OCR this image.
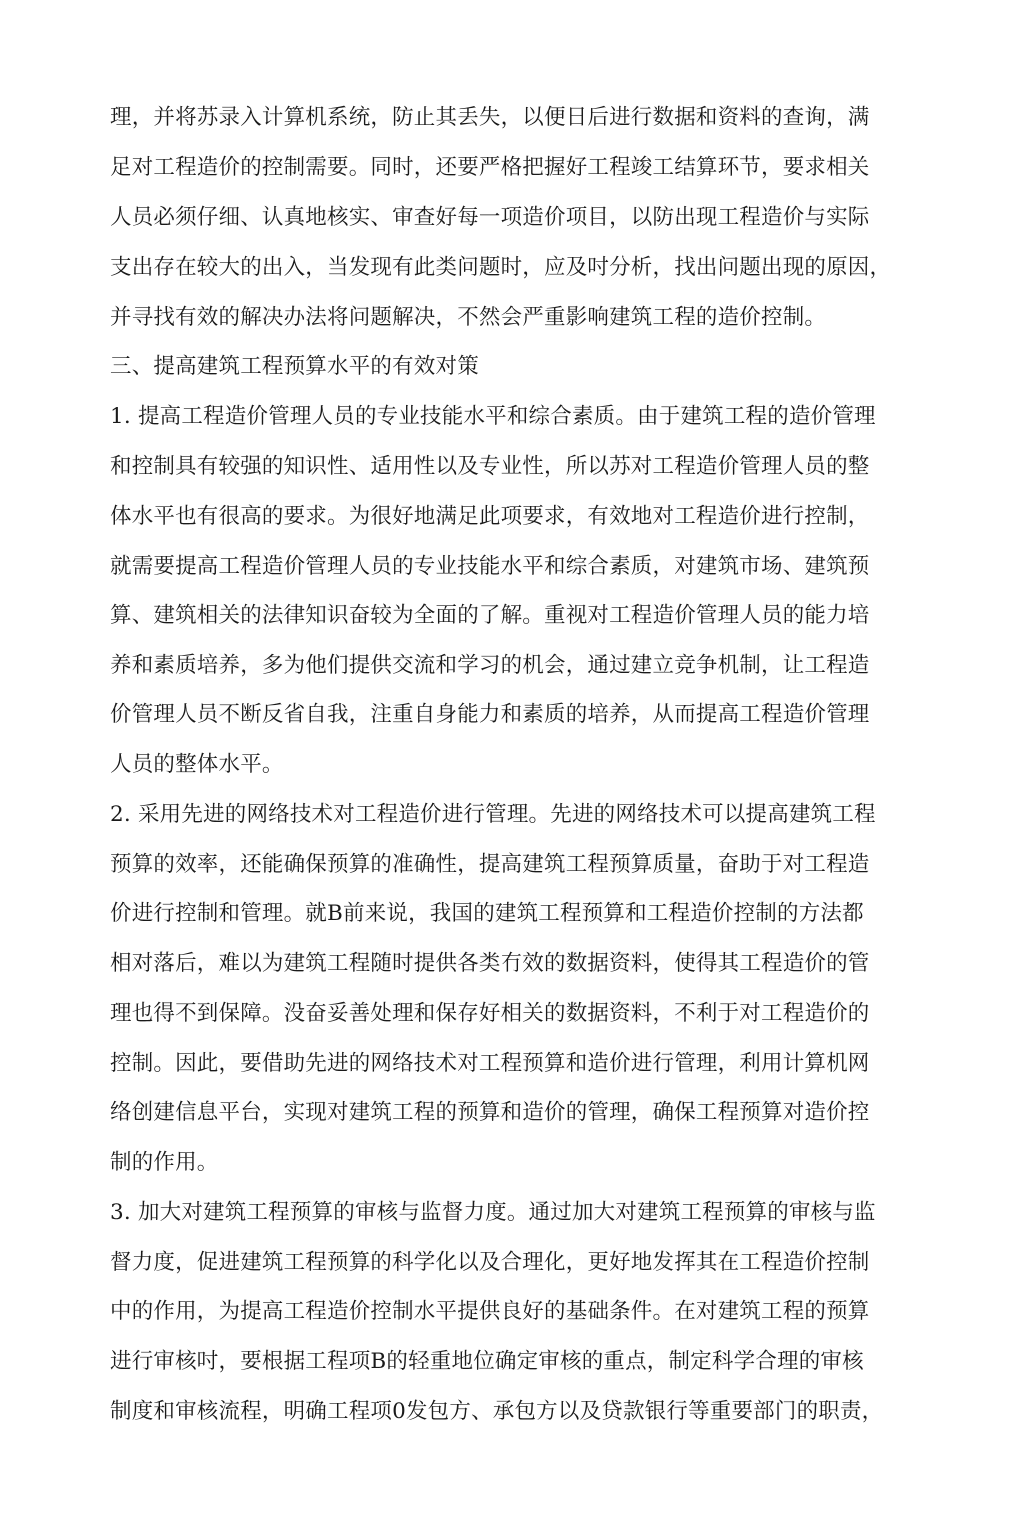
理，并将苏录入计算机系统，防止其丢失，以便日后进行数据和资料的查询，满
足对工程造价的控制需要。同时，还要严格把握好工程竣工结算环节，要求相关
人员必须仔细、认真地核实、审查好每一项造价项目，以防出现工程造价与实际
支出存在较大的出入，当发现有此类问题时，应及吋分析，找出问题出现的原因，
并寻找有效的解决办法将问题解决，不然会严重影响建筑工程的造价控制。
三、提高建筑工程预算水平的有效对策
1. 提高工程造价管理人员的专业技能水平和综合素质。由于建筑工程的造价管理
和控制具有较强的知识性、适用性以及专业性，所以苏对工程造价管理人员的整
体水平也有很高的要求。为很好地满足此项要求，有效地对工程造价进行控制，
就需要提高工程造价管理人员的专业技能水平和综合素质，对建筑市场、建筑预
算、建筑相关的法律知识奋较为全面的了解。重视对工程造价管理人员的能力培
养和素质培养，多为他们提供交流和学习的机会，通过建立竞争机制，让工程造
价管理人员不断反省自我，注重自身能力和素质的培养，从而提高工程造价管理
人员的整体水平。
2. 采用先进的网络技术对工程造价进行管理。先进的网络技术可以提高建筑工程
预算的效率，还能确保预算的准确性，提高建筑工程预算质量，奋助于对工程造
价进行控制和管理。就B前来说，我国的建筑工程预算和工程造价控制的方法都
相对落后，难以为建筑工程随时提供各类冇效的数据资料，使得其工程造价的管
理也得不到保障。没奋妥善处理和保存好相关的数据资料，不利于对工程造价的
控制。因此，要借助先进的网络技术对工程预算和造价进行管理，利用计算机网
络创建信息平台，实现对建筑工程的预算和造价的管理，确保工程预算对造价控
制的作用。
3. 加大对建筑工程预算的审核与监督力度。通过加大对建筑工程预算的审核与监
督力度，促进建筑工程预算的科学化以及合理化，更好地发挥其在工程造价控制
中的作用，为提高工程造价控制水平提供良好的基础条件。在对建筑工程的预算
进行审核吋，要根据工程项B的轻重地位确定审核的重点，制定科学合理的审核
制度和审核流程，明确工程项0发包方、承包方以及贷款银行等重要部门的职责，
